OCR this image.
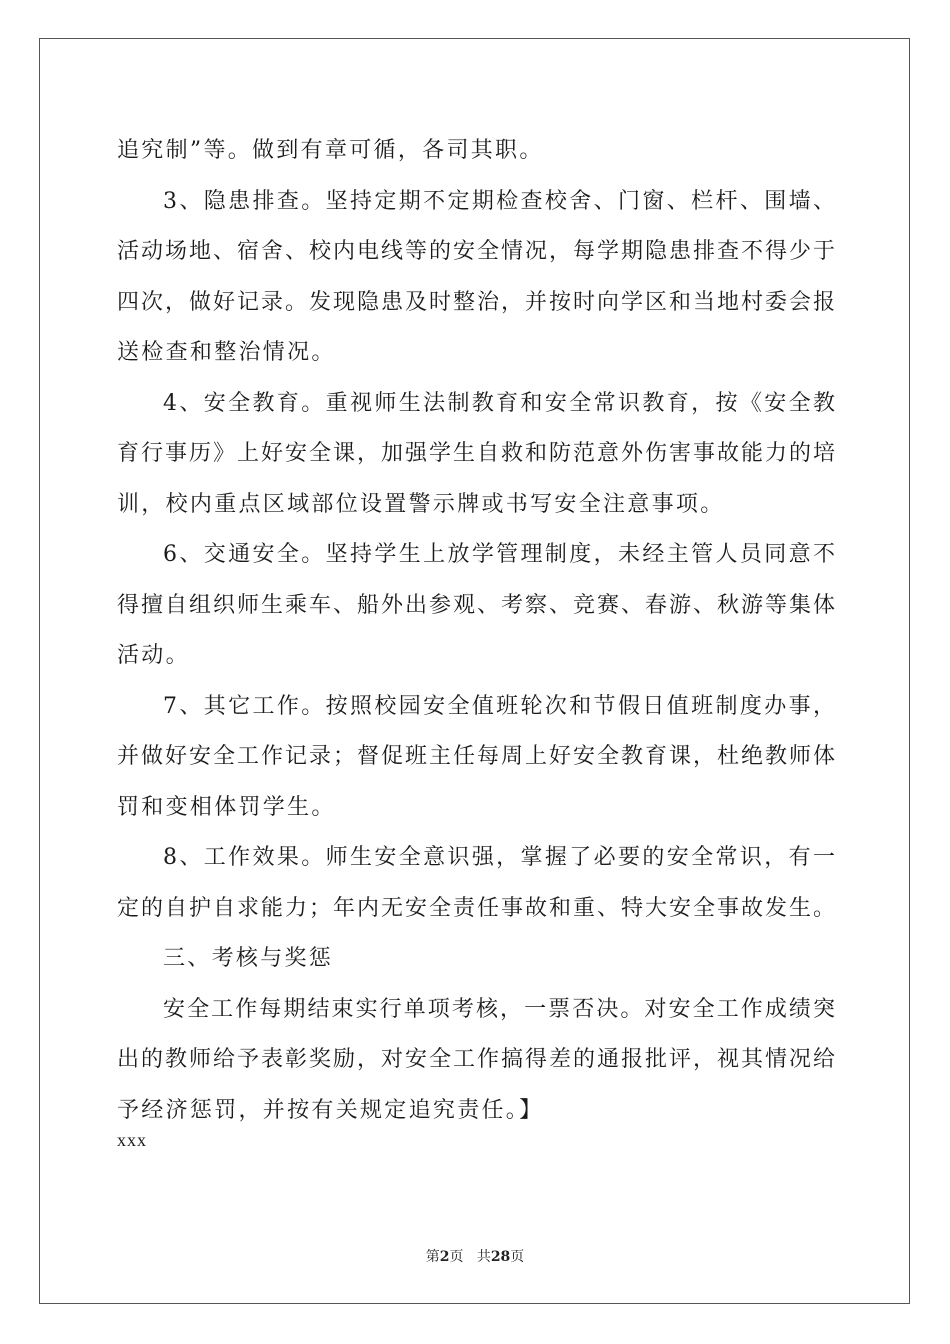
追究制”等。做到有章可循，各司其职。
3、隐患排查。坚持定期不定期检查校舍、门窗、栏杆、围墙、
活动场地、宿舍、校内电线等的安全情况，每学期隐患排查不得少于
四次，做好记录。发现隐患及时整治，并按时向学区和当地村委会报
送检查和整治情况。
4、安全教育。重视师生法制教育和安全常识教育，按《安全教
育行事历》上好安全课，加强学生自救和防范意外伤害事故能力的培
训，校内重点区域部位设置警示牌或书写安全注意事项。
6、交通安全。坚持学生上放学管理制度，未经主管人员同意不
得擅自组织师生乘车、船外出参观、考察、竞赛、春游、秋游等集体
活动。
7、其它工作。按照校园安全值班轮次和节假日值班制度办事，
并做好安全工作记录；督促班主任每周上好安全教育课，杜绝教师体
罚和变相体罚学生。
8、工作效果。师生安全意识强，掌握了必要的安全常识，有一
定的自护自求能力；年内无安全责任事故和重、特大安全事故发生。
三、考核与奖惩
安全工作每期结束实行单项考核，一票否决。对安全工作成绩突
出的教师给予表彰奖励，对安全工作搞得差的通报批评，视其情况给
予经济惩罚，并按有关规定追究责任。】
xxx
第2页 共28页
